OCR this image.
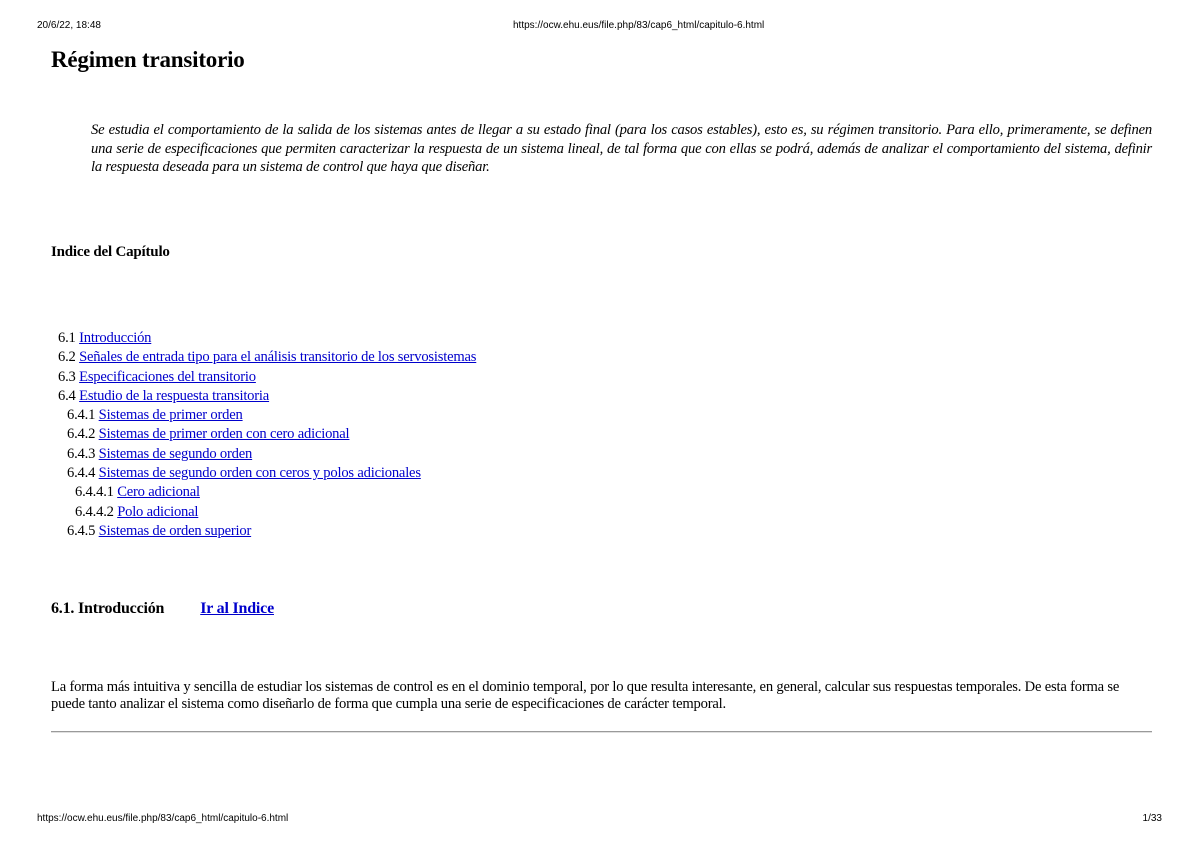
20/6/22, 18:48	https://ocw.ehu.eus/file.php/83/cap6_html/capitulo-6.html
Régimen transitorio

Se estudia el comportamiento de la salida de los sistemas antes de llegar a su estado final (para los casos estables), esto es, su régimen transitorio. Para ello, primeramente, se definen una serie de especificaciones que permiten caracterizar la respuesta de un sistema lineal, de tal forma que con ellas se podrá, además de analizar el comportamiento del sistema, definir la respuesta deseada para un sistema de control que haya que diseñar.

Indice del Capítulo
6.1 Introducción
6.2 Señales de entrada tipo para el análisis transitorio de los servosistemas
6.3 Especificaciones del transitorio
6.4 Estudio de la respuesta transitoria
6.4.1 Sistemas de primer orden
6.4.2 Sistemas de primer orden con cero adicional
6.4.3 Sistemas de segundo orden
6.4.4 Sistemas de segundo orden con ceros y polos adicionales
6.4.4.1 Cero adicional
6.4.4.2 Polo adicional
6.4.5 Sistemas de orden superior
6.1. Introducción Ir al Indice

La forma más intuitiva y sencilla de estudiar los sistemas de control es en el dominio temporal, por lo que resulta interesante, en general, calcular sus respuestas temporales. De esta forma se puede tanto analizar el sistema como diseñarlo de forma que cumpla una serie de especificaciones de carácter temporal.

https://ocw.ehu.eus/file.php/83/cap6_html/capitulo-6.html	1/33
